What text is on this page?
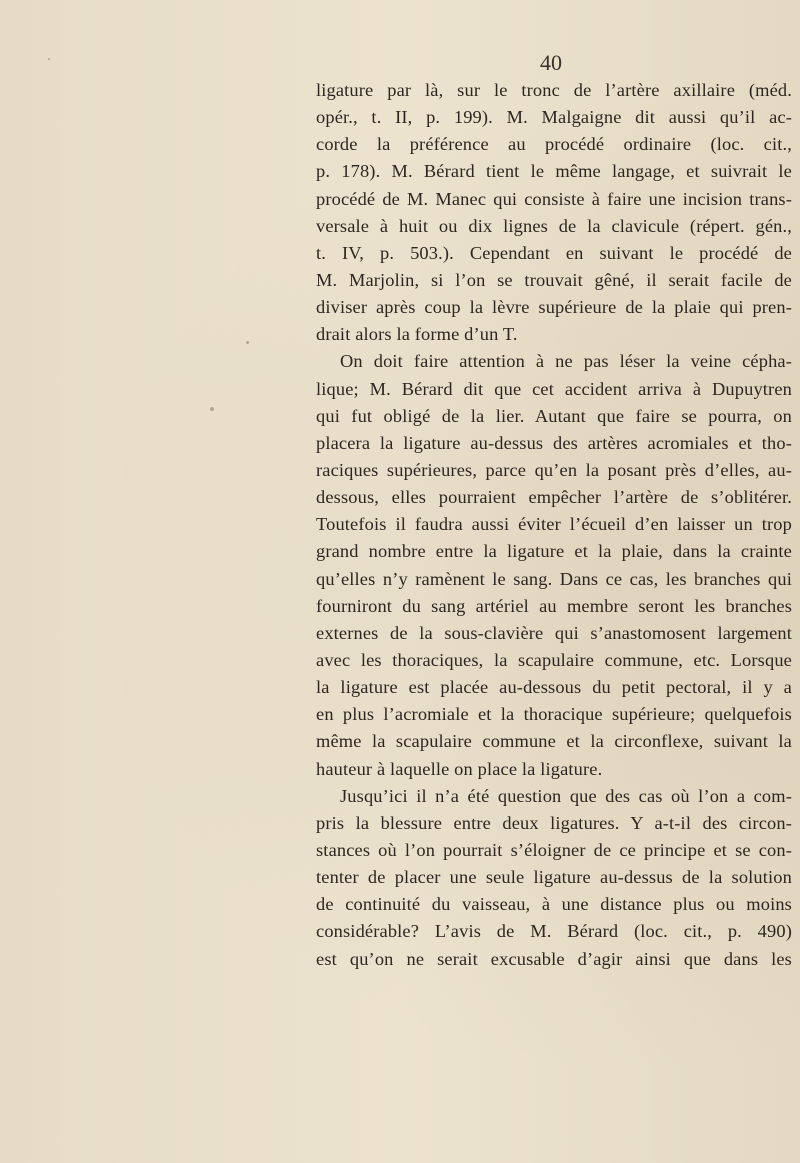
40
ligature par là, sur le tronc de l’artère axillaire (méd.
opér., t. II, p. 199). M. Malgaigne dit aussi qu’il ac-
corde la préférence au procédé ordinaire (loc. cit.,
p. 178). M. Bérard tient le même langage, et suivrait le
procédé de M. Manec qui consiste à faire une incision trans-
versale à huit ou dix lignes de la clavicule (répert. gén.,
t. IV, p. 503.). Cependant en suivant le procédé de
M. Marjolin, si l’on se trouvait gêné, il serait facile de
diviser après coup la lèvre supérieure de la plaie qui pren-
drait alors la forme d’un T.
On doit faire attention à ne pas léser la veine cépha-
lique; M. Bérard dit que cet accident arriva à Dupuytren
qui fut obligé de la lier. Autant que faire se pourra, on
placera la ligature au-dessus des artères acromiales et tho-
raciques supérieures, parce qu’en la posant près d’elles, au-
dessous, elles pourraient empêcher l’artère de s’oblitérer.
Toutefois il faudra aussi éviter l’écueil d’en laisser un trop
grand nombre entre la ligature et la plaie, dans la crainte
qu’elles n’y ramènent le sang. Dans ce cas, les branches qui
fourniront du sang artériel au membre seront les branches
externes de la sous-clavière qui s’anastomosent largement
avec les thoraciques, la scapulaire commune, etc. Lorsque
la ligature est placée au-dessous du petit pectoral, il y a
en plus l’acromiale et la thoracique supérieure; quelquefois
même la scapulaire commune et la circonflexe, suivant la
hauteur à laquelle on place la ligature.
Jusqu’ici il n’a été question que des cas où l’on a com-
pris la blessure entre deux ligatures. Y a-t-il des circon-
stances où l’on pourrait s’éloigner de ce principe et se con-
tenter de placer une seule ligature au-dessus de la solution
de continuité du vaisseau, à une distance plus ou moins
considérable? L’avis de M. Bérard (loc. cit., p. 490)
est qu’on ne serait excusable d’agir ainsi que dans les
